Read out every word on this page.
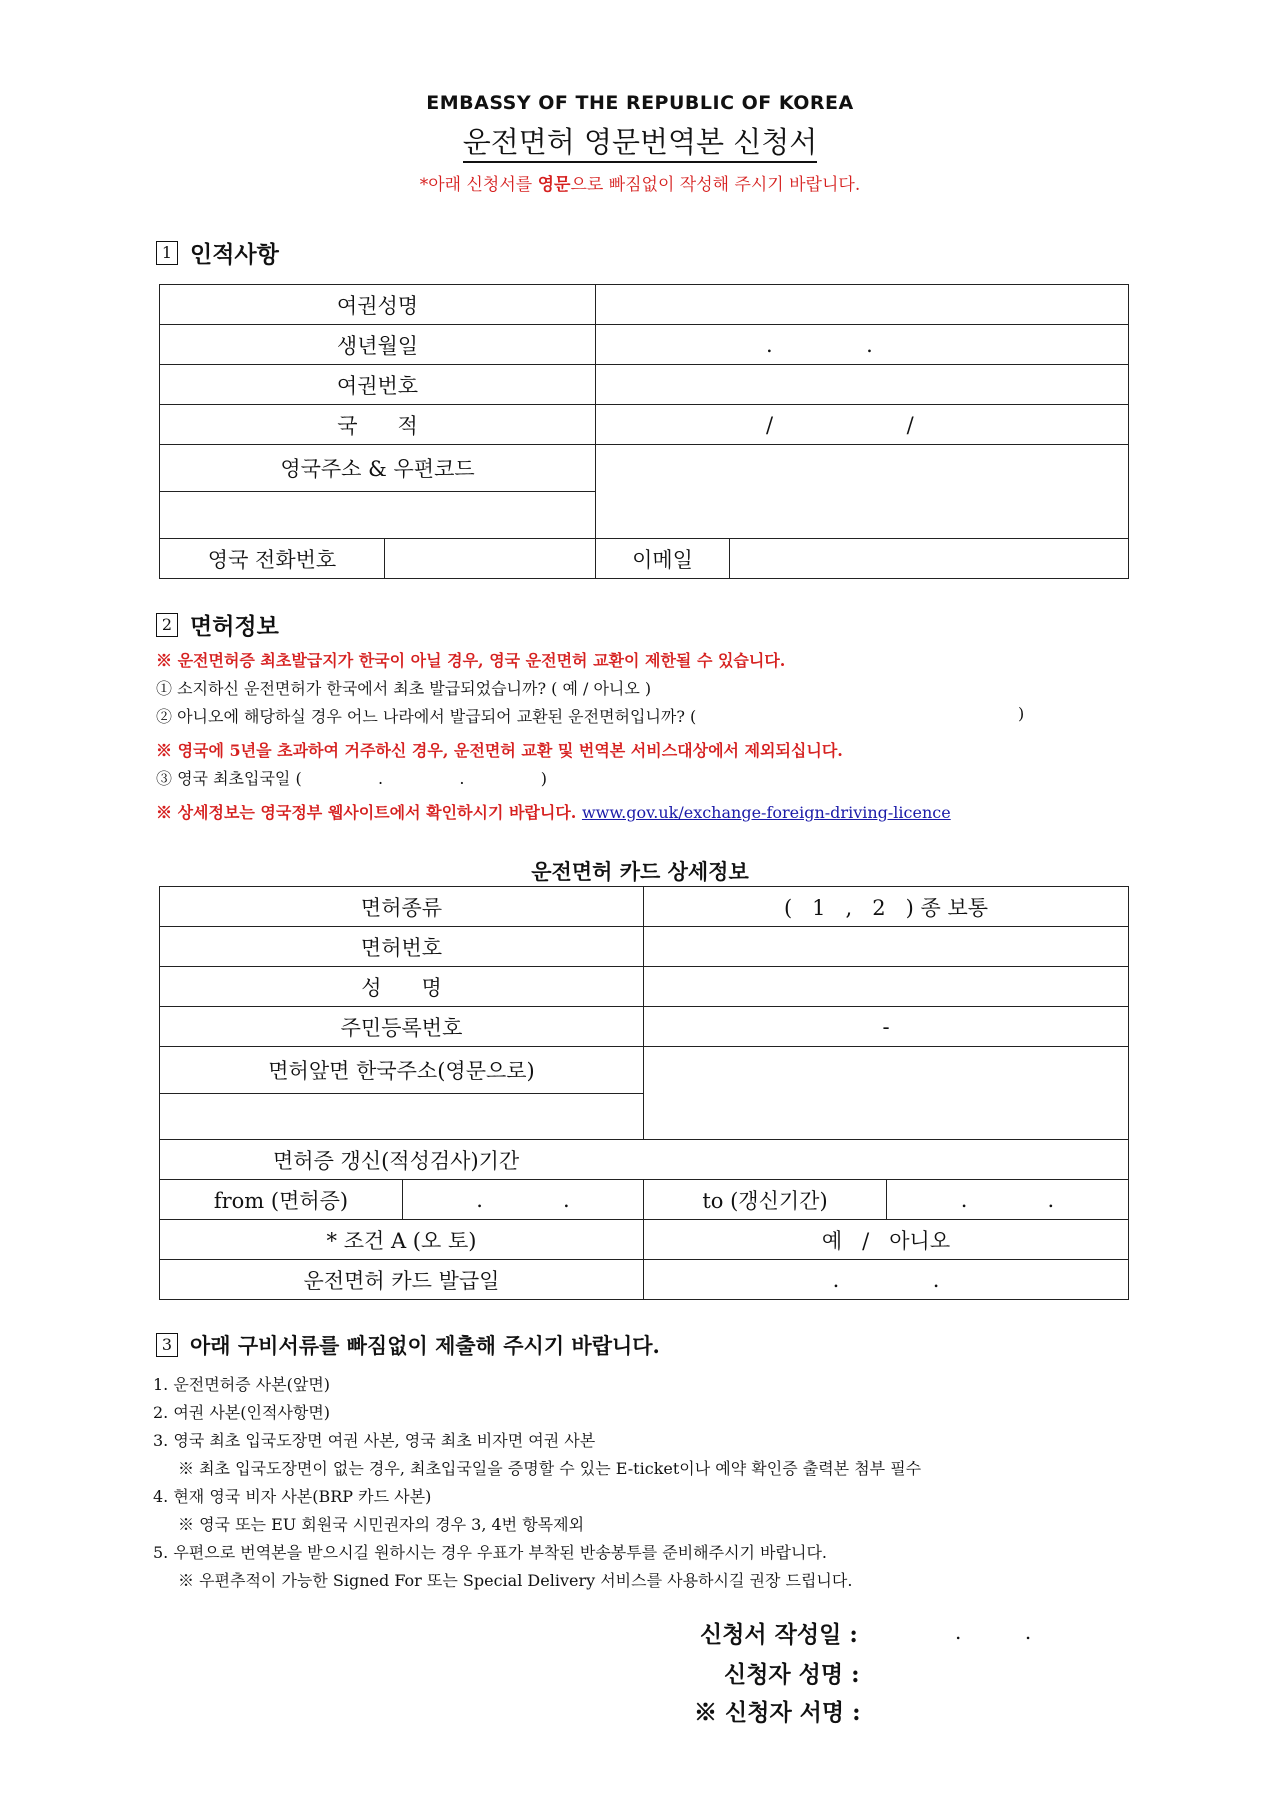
EMBASSY OF THE REPUBLIC OF KOREA
운전면허 영문번역본 신청서
*아래 신청서를 영문으로 빠짐없이 작성해 주시기 바랍니다.
1 인적사항
여권성명
생년월일	.              .
여권번호
국      적	/                    /
영국주소 & 우편코드
영국 전화번호	이메일
2 면허정보
※ 운전면허증 최초발급지가 한국이 아닐 경우, 영국 운전면허 교환이 제한될 수 있습니다.
① 소지하신 운전면허가 한국에서 최초 발급되었습니까? ( 예 / 아니오 )
② 아니오에 해당하실 경우 어느 나라에서 발급되어 교환된 운전면허입니까? (	)
※ 영국에 5년을 초과하여 거주하신 경우, 운전면허 교환 및 번역본 서비스대상에서 제외되십니다.
③ 영국 최초입국일 (               .               .               )
※ 상세정보는 영국정부 웹사이트에서 확인하시기 바랍니다. www.gov.uk/exchange-foreign-driving-licence
운전면허 카드 상세정보
면허종류	(   1   ,   2   ) 종 보통
면허번호
성      명
주민등록번호	-
면허앞면 한국주소(영문으로)
면허증 갱신(적성검사)기간
from (면허증)	.            .	to (갱신기간)	.            .
* 조건 A (오 토)	예   /   아니오
운전면허 카드 발급일	.              .
3 아래 구비서류를 빠짐없이 제출해 주시기 바랍니다.
1. 운전면허증 사본(앞면)
2. 여권 사본(인적사항면)
3. 영국 최초 입국도장면 여권 사본, 영국 최초 비자면 여권 사본
※ 최초 입국도장면이 없는 경우, 최초입국일을 증명할 수 있는 E-ticket이나 예약 확인증 출력본 첨부 필수
4. 현재 영국 비자 사본(BRP 카드 사본)
※ 영국 또는 EU 회원국 시민권자의 경우 3, 4번 항목제외
5. 우편으로 번역본을 받으시길 원하시는 경우 우표가 부착된 반송봉투를 준비해주시기 바랍니다.
※ 우편추적이 가능한 Signed For 또는 Special Delivery 서비스를 사용하시길 권장 드립니다.
신청서 작성일 :	.          .
신청자 성명 :
※ 신청자 서명 :
